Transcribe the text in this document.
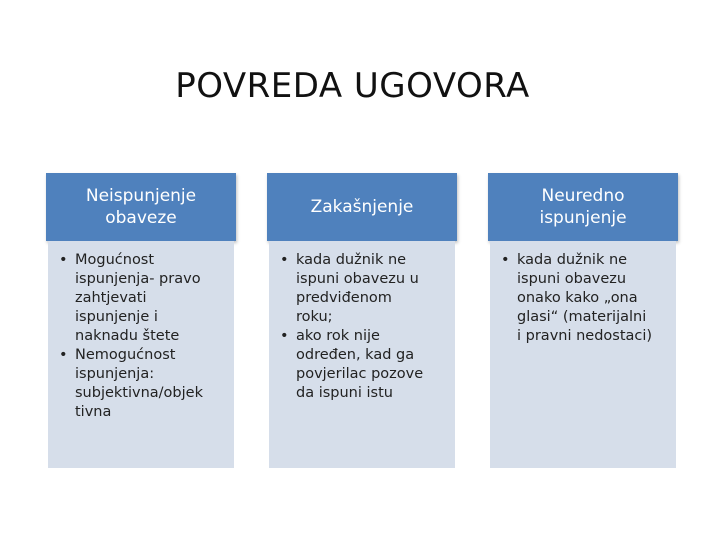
POVREDA UGOVORA
Neispunjenje
obaveze
• Mogućnost
ispunjenja- pravo
zahtjevati
ispunjenje i
naknadu štete
• Nemogućnost
ispunjenja:
subjektivna/objek
tivna
Zakašnjenje
• kada dužnik ne
ispuni obavezu u
predviđenom
roku;
• ako rok nije
određen, kad ga
povjerilac pozove
da ispuni istu
Neuredno
ispunjenje
• kada dužnik ne
ispuni obavezu
onako kako „ona
glasi“ (materijalni
i pravni nedostaci)
